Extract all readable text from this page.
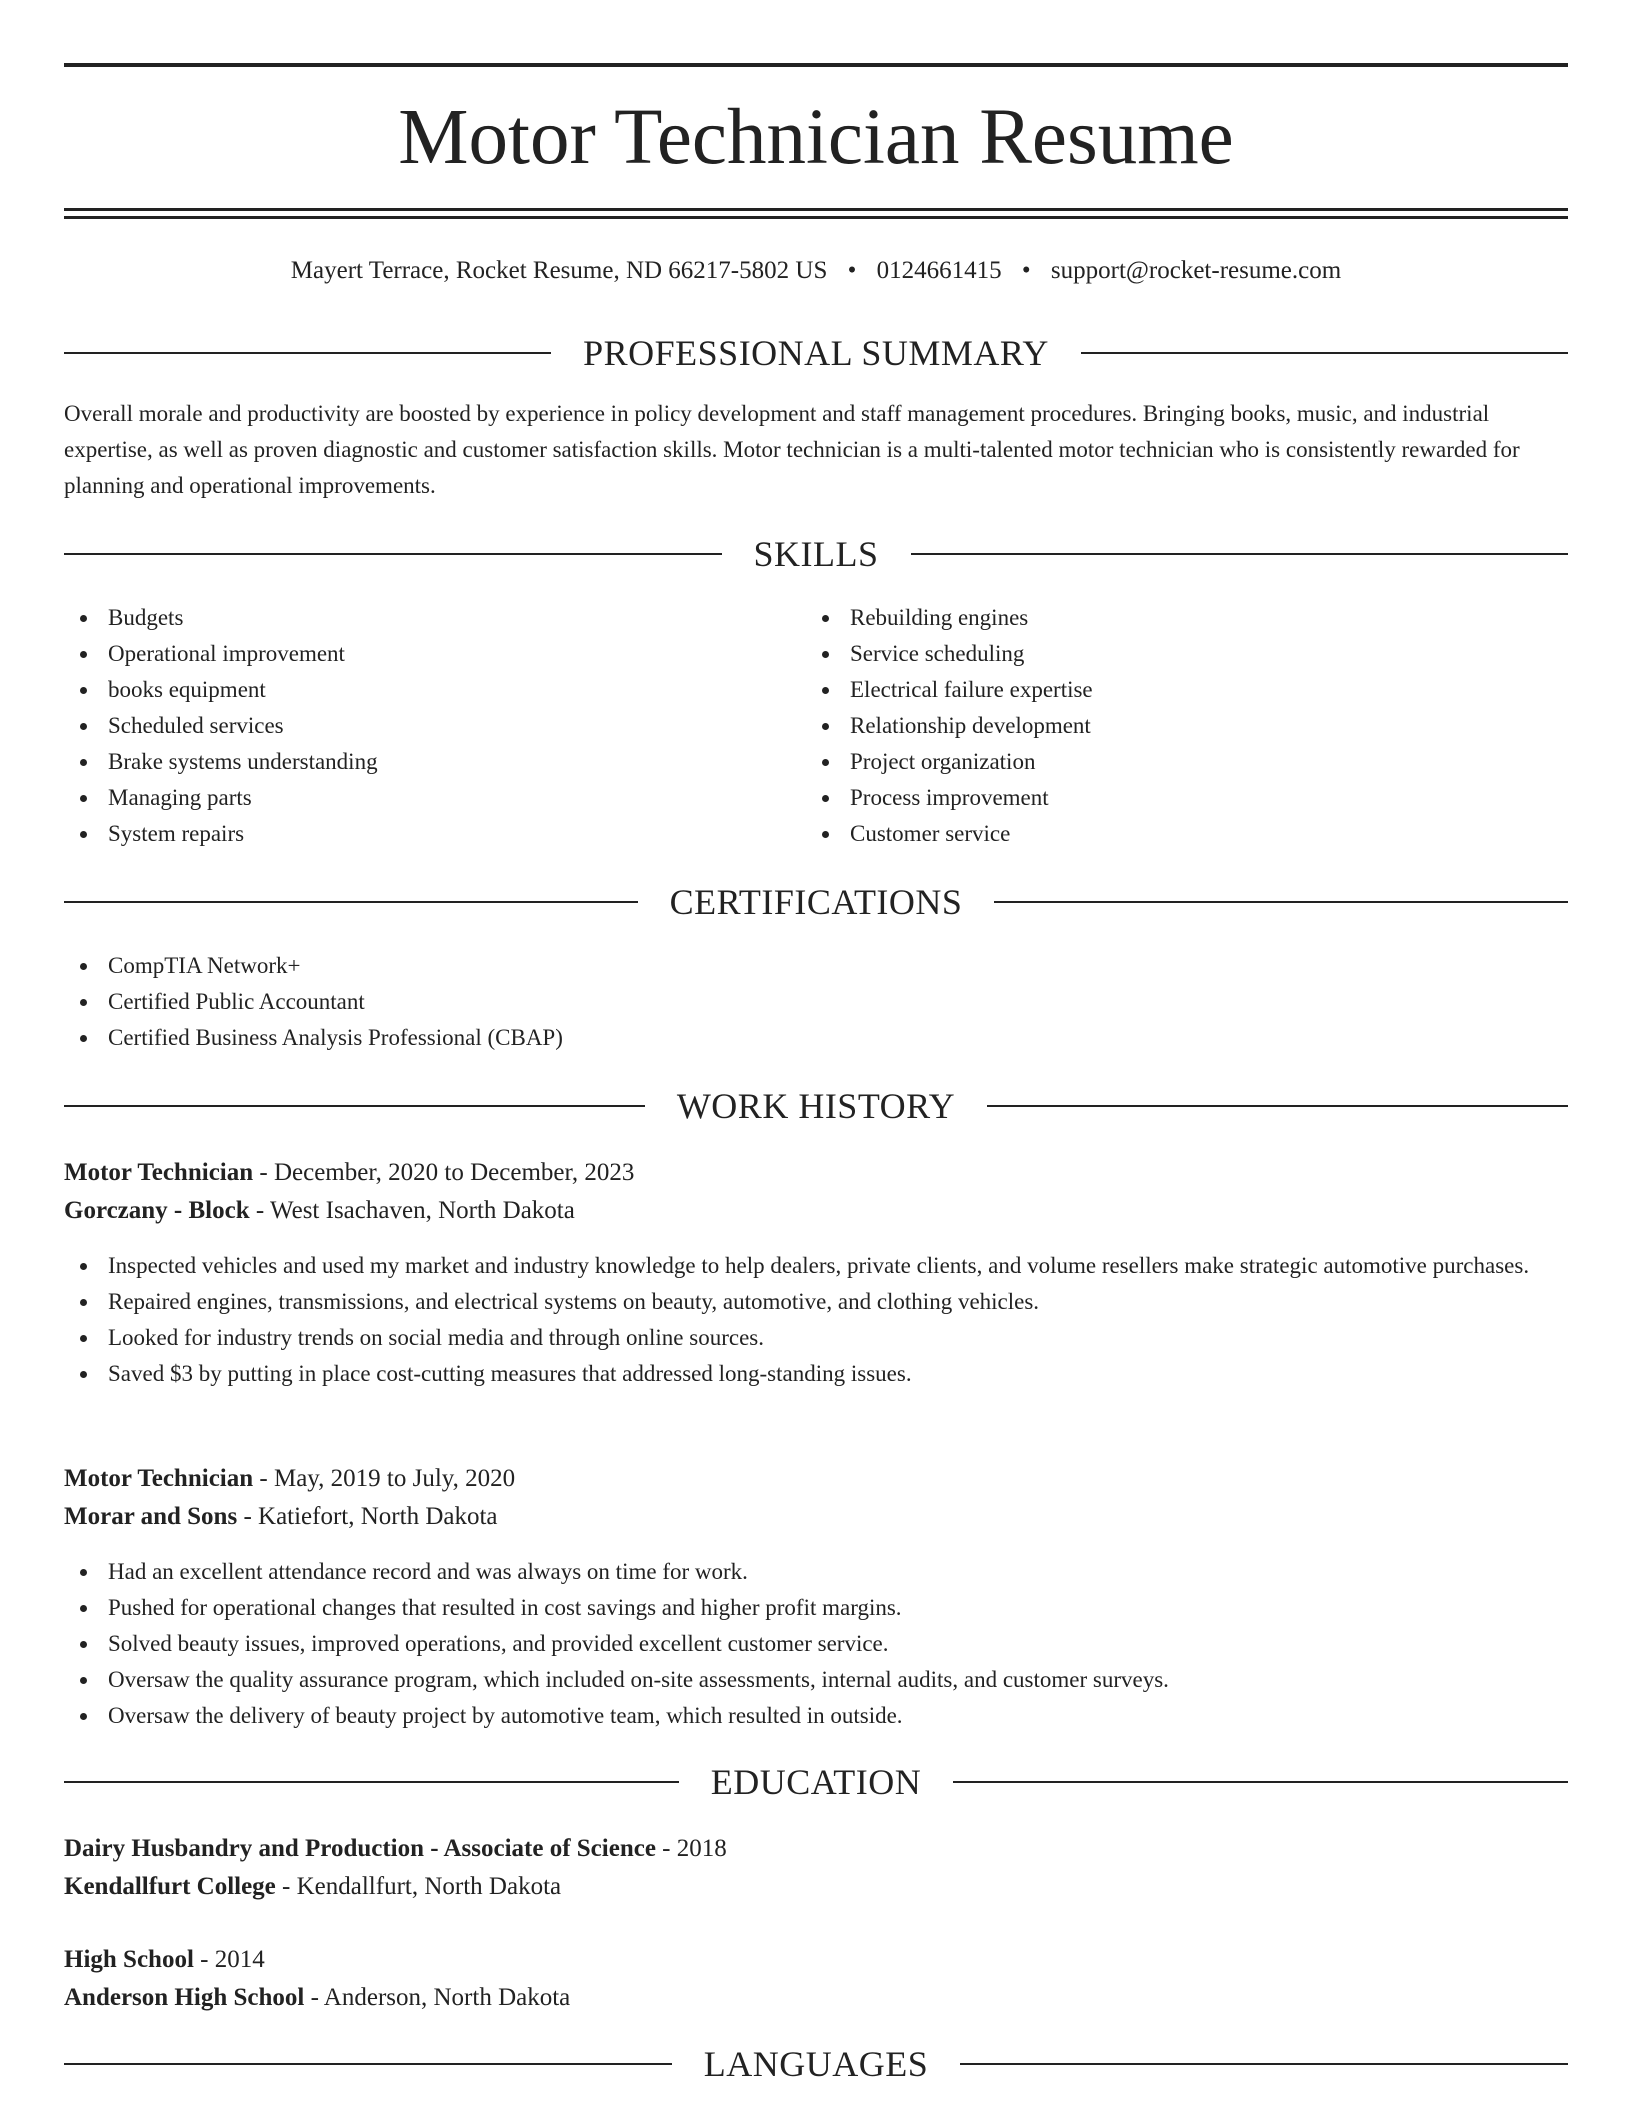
Motor Technician Resume
Mayert Terrace, Rocket Resume, ND 66217-5802 US • 0124661415 • support@rocket-resume.com
PROFESSIONAL SUMMARY
Overall morale and productivity are boosted by experience in policy development and staff management procedures. Bringing books, music, and industrial expertise, as well as proven diagnostic and customer satisfaction skills. Motor technician is a multi-talented motor technician who is consistently rewarded for planning and operational improvements.
SKILLS
Budgets
Operational improvement
books equipment
Scheduled services
Brake systems understanding
Managing parts
System repairs
Rebuilding engines
Service scheduling
Electrical failure expertise
Relationship development
Project organization
Process improvement
Customer service
CERTIFICATIONS
CompTIA Network+
Certified Public Accountant
Certified Business Analysis Professional (CBAP)
WORK HISTORY
Motor Technician - December, 2020 to December, 2023
Gorczany - Block - West Isachaven, North Dakota
Inspected vehicles and used my market and industry knowledge to help dealers, private clients, and volume resellers make strategic automotive purchases.
Repaired engines, transmissions, and electrical systems on beauty, automotive, and clothing vehicles.
Looked for industry trends on social media and through online sources.
Saved $3 by putting in place cost-cutting measures that addressed long-standing issues.
Motor Technician - May, 2019 to July, 2020
Morar and Sons - Katiefort, North Dakota
Had an excellent attendance record and was always on time for work.
Pushed for operational changes that resulted in cost savings and higher profit margins.
Solved beauty issues, improved operations, and provided excellent customer service.
Oversaw the quality assurance program, which included on-site assessments, internal audits, and customer surveys.
Oversaw the delivery of beauty project by automotive team, which resulted in outside.
EDUCATION
Dairy Husbandry and Production - Associate of Science - 2018
Kendallfurt College - Kendallfurt, North Dakota
High School - 2014
Anderson High School - Anderson, North Dakota
LANGUAGES
